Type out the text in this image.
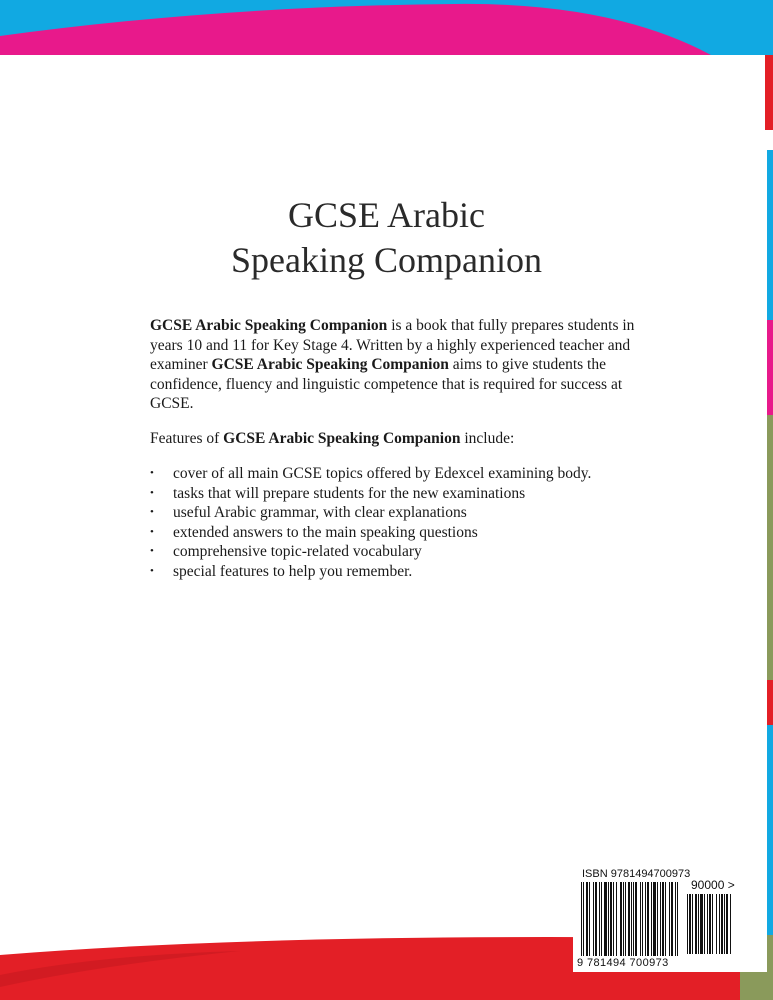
GCSE Arabic
Speaking Companion

GCSE Arabic Speaking Companion is a book that fully prepares students in years 10 and 11 for Key Stage 4. Written by a highly experienced teacher and examiner GCSE Arabic Speaking Companion aims to give students the confidence, fluency and linguistic competence that is required for success at GCSE.

Features of GCSE Arabic Speaking Companion include:

• cover of all main GCSE topics offered by Edexcel examining body.
• tasks that will prepare students for the new examinations
• useful Arabic grammar, with clear explanations
• extended answers to the main speaking questions
• comprehensive topic-related vocabulary
• special features to help you remember.
ISBN 9781494700973
90000 >
9 781494 700973
